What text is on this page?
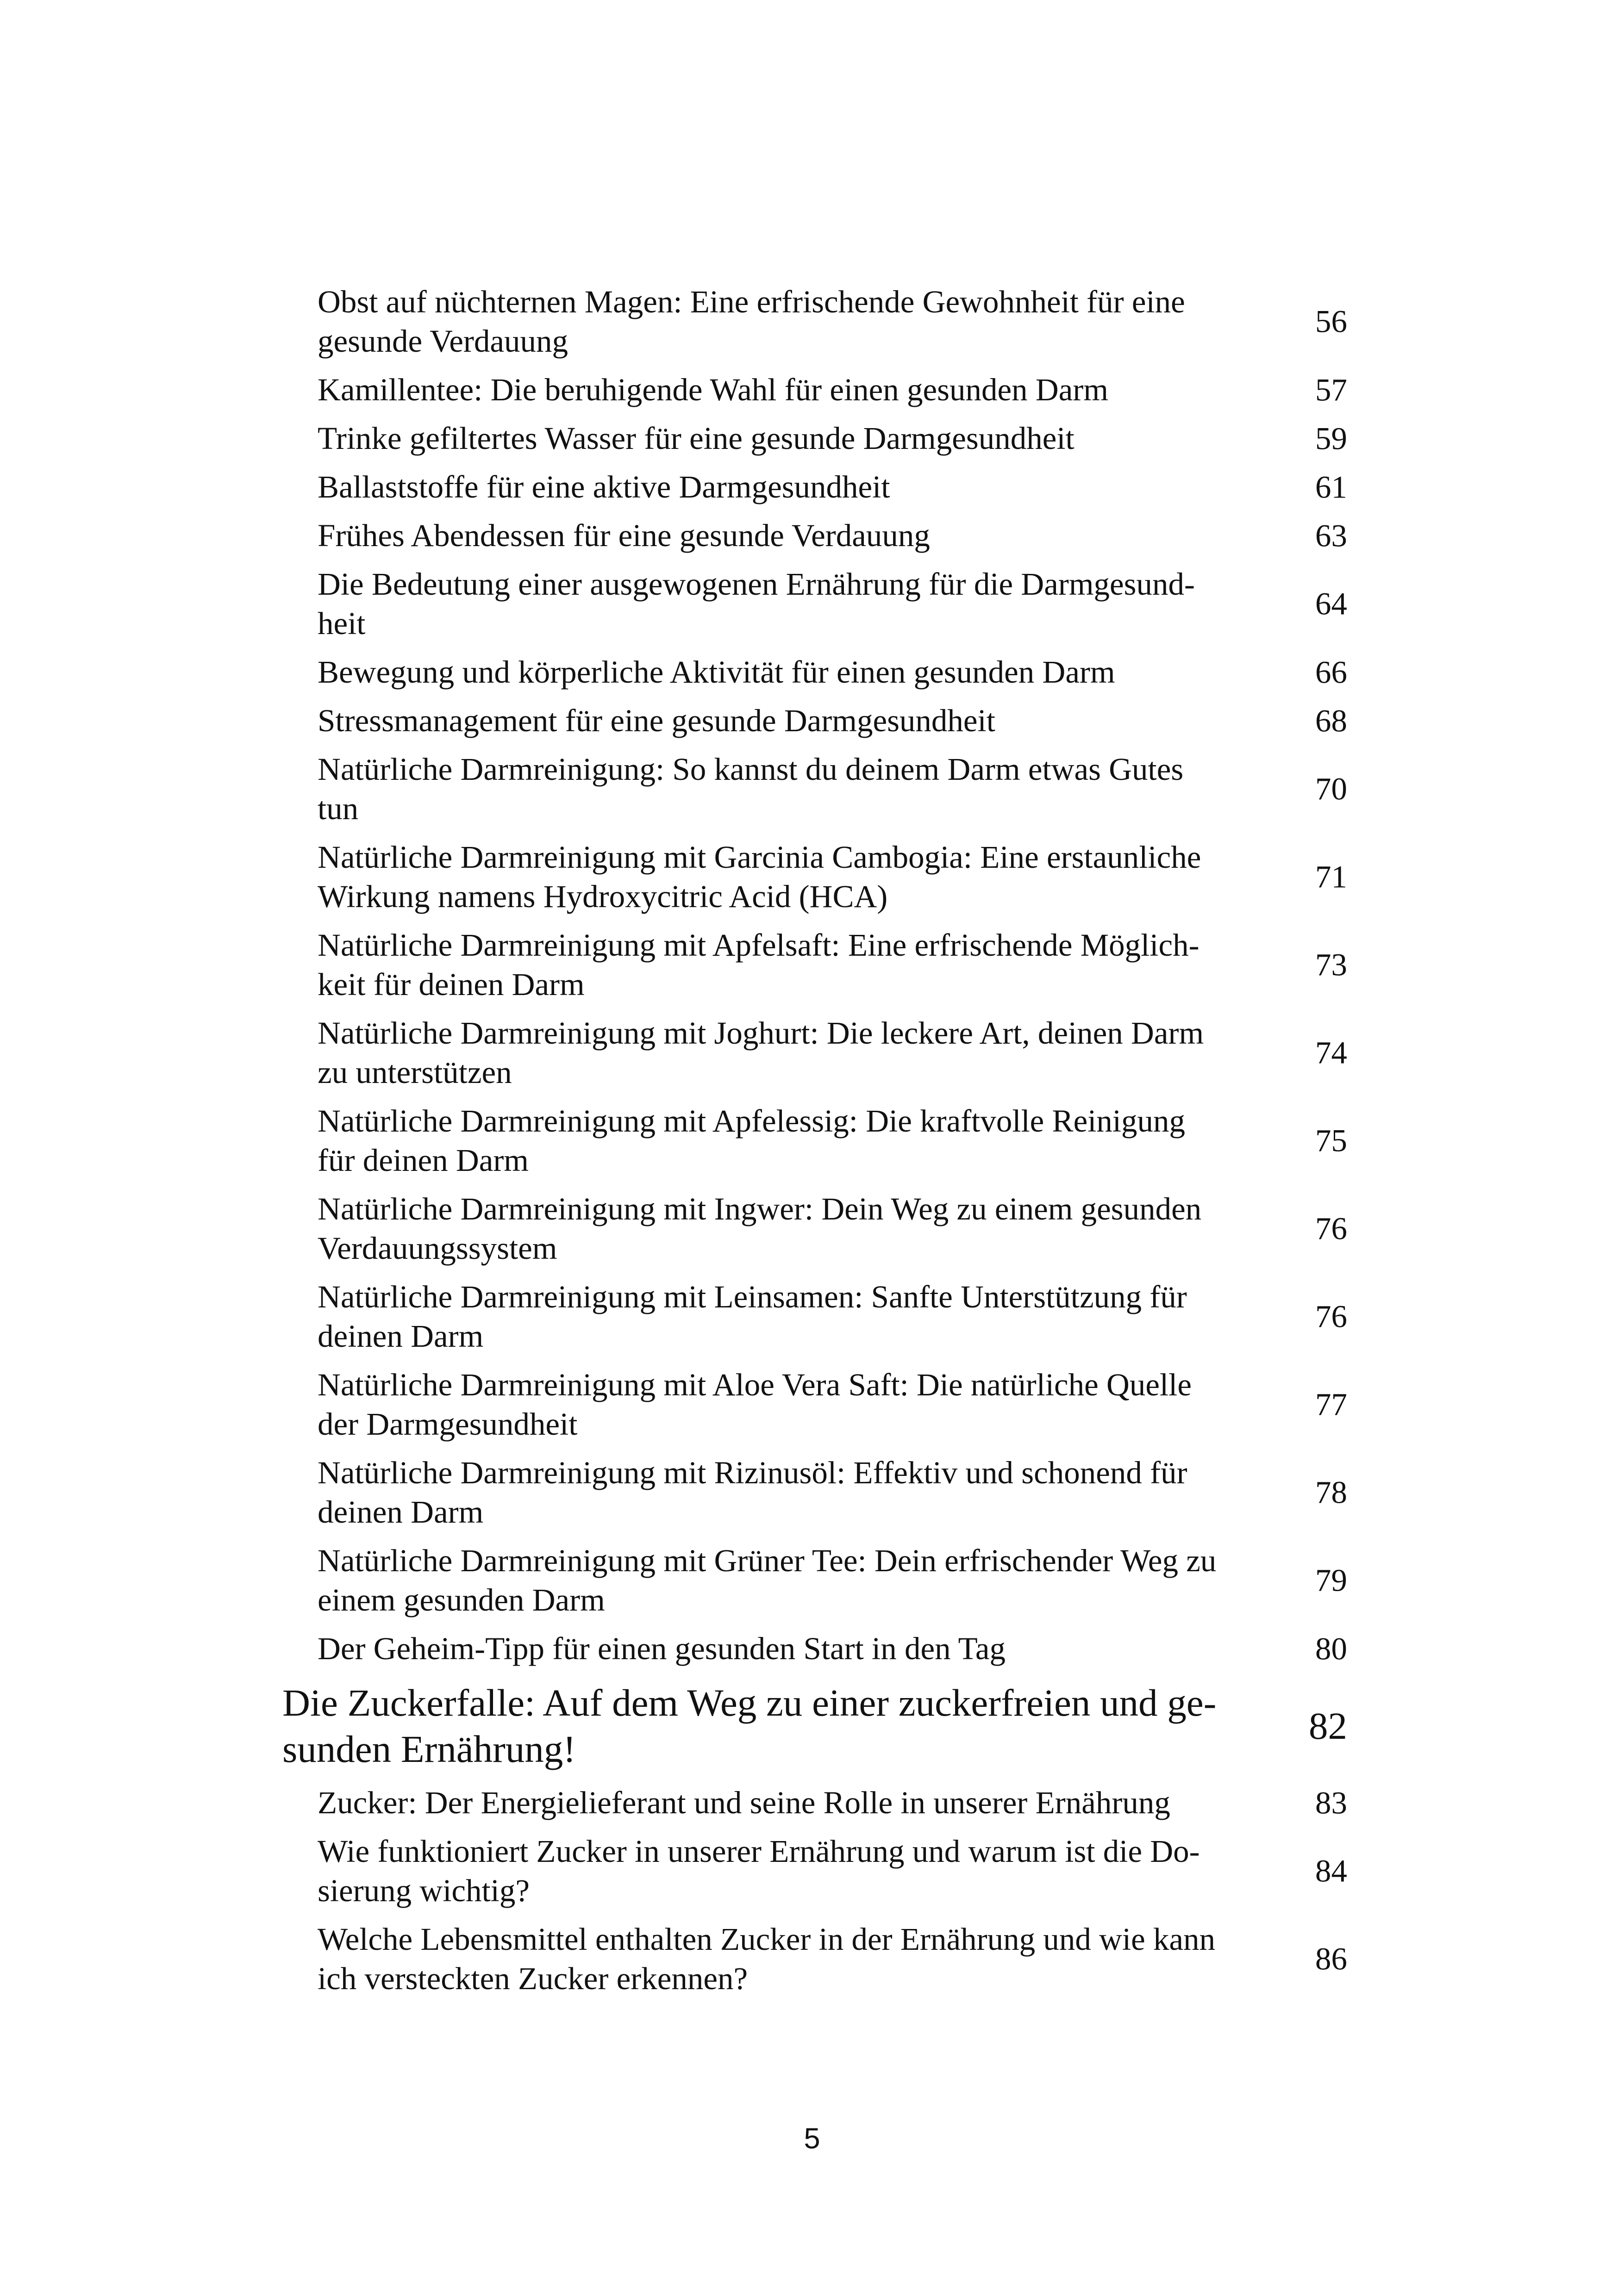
Obst auf nüchternen Magen: Eine erfrischende Gewohnheit für eine
gesunde Verdauung
56
Kamillentee: Die beruhigende Wahl für einen gesunden Darm	57
Trinke gefiltertes Wasser für eine gesunde Darmgesundheit	59
Ballaststoffe für eine aktive Darmgesundheit	61
Frühes Abendessen für eine gesunde Verdauung	63
Die Bedeutung einer ausgewogenen Ernährung für die Darmgesund-
heit
64
Bewegung und körperliche Aktivität für einen gesunden Darm	66
Stressmanagement für eine gesunde Darmgesundheit	68
Natürliche Darmreinigung: So kannst du deinem Darm etwas Gutes
tun
70
Natürliche Darmreinigung mit Garcinia Cambogia: Eine erstaunliche
Wirkung namens Hydroxycitric Acid (HCA)
71
Natürliche Darmreinigung mit Apfelsaft: Eine erfrischende Möglich-
keit für deinen Darm
73
Natürliche Darmreinigung mit Joghurt: Die leckere Art, deinen Darm
zu unterstützen
74
Natürliche Darmreinigung mit Apfelessig: Die kraftvolle Reinigung
für deinen Darm
75
Natürliche Darmreinigung mit Ingwer: Dein Weg zu einem gesunden
Verdauungssystem
76
Natürliche Darmreinigung mit Leinsamen: Sanfte Unterstützung für
deinen Darm
76
Natürliche Darmreinigung mit Aloe Vera Saft: Die natürliche Quelle
der Darmgesundheit
77
Natürliche Darmreinigung mit Rizinusöl: Effektiv und schonend für
deinen Darm
78
Natürliche Darmreinigung mit Grüner Tee: Dein erfrischender Weg zu
einem gesunden Darm
79
Der Geheim-Tipp für einen gesunden Start in den Tag	80
Die Zuckerfalle: Auf dem Weg zu einer zuckerfreien und ge-
sunden Ernährung!
82
Zucker: Der Energielieferant und seine Rolle in unserer Ernährung	83
Wie funktioniert Zucker in unserer Ernährung und warum ist die Do-
sierung wichtig?
84
Welche Lebensmittel enthalten Zucker in der Ernährung und wie kann
ich versteckten Zucker erkennen?
86
5
